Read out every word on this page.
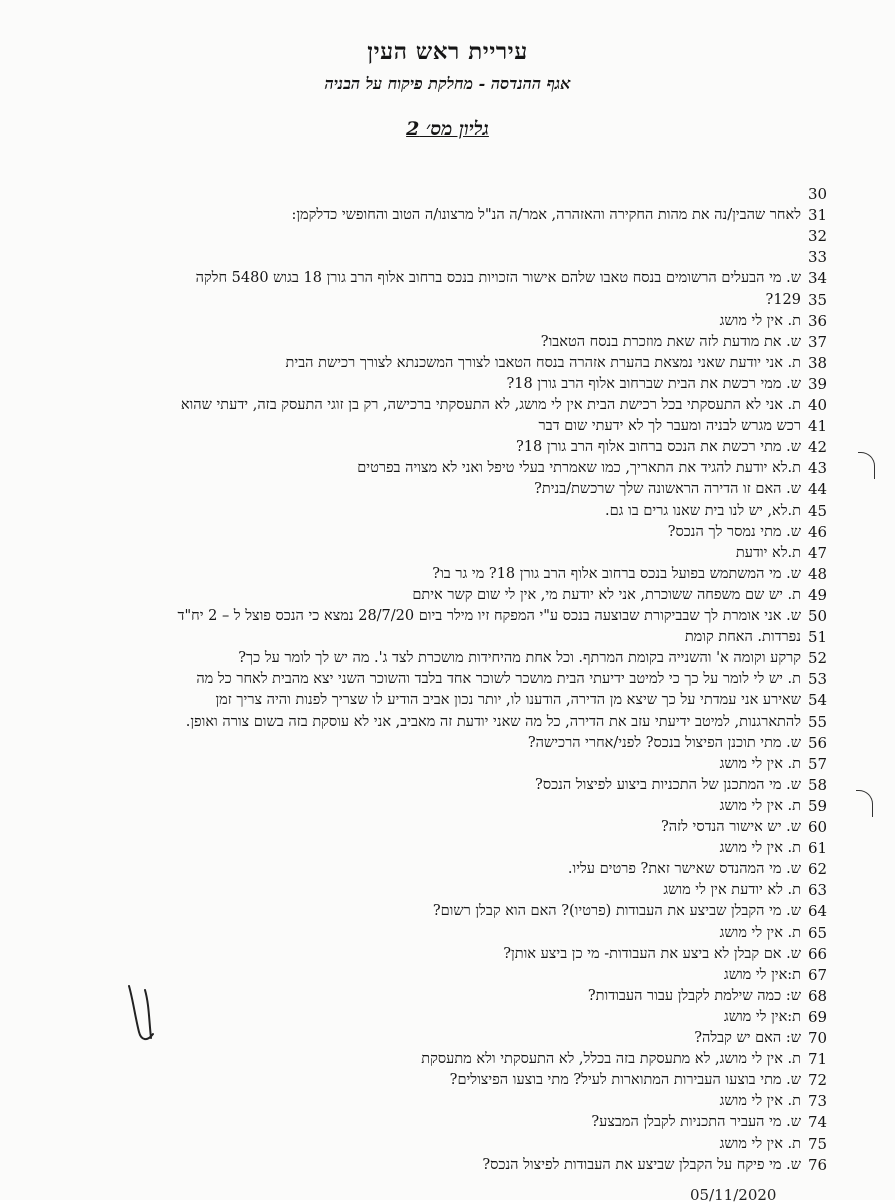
עיריית ראש העין
אגף ההנדסה - מחלקת פיקוח על הבניה
גליון מס׳ 2
30
לאחר שהבין/נה את מהות החקירה והאזהרה, אמר/ה הנ"ל מרצונו/ה הטוב והחופשי כדלקמן: 31
32
33
ש. מי הבעלים הרשומים בנסח טאבו שלהם אישור הזכויות בנכס ברחוב אלוף הרב גורן 18 בגוש 5480 חלקה 34
129? 35
ת. אין לי מושג 36
ש. את מודעת לזה שאת מוזכרת בנסח הטאבו? 37
ת. אני יודעת שאני נמצאת בהערת אזהרה בנסח הטאבו לצורך המשכנתא לצורך רכישת הבית 38
ש. ממי רכשת את הבית שברחוב אלוף הרב גורן 18? 39
ת. אני לא התעסקתי בכל רכישת הבית אין לי מושג, לא התעסקתי ברכישה, רק בן זוגי התעסק בזה, ידעתי שהוא 40
רכש מגרש לבניה ומעבר לך לא ידעתי שום דבר 41
ש. מתי רכשת את הנכס ברחוב אלוף הרב גורן 18? 42
ת.לא יודעת להגיד את התאריך, כמו שאמרתי בעלי טיפל ואני לא מצויה בפרטים 43
ש. האם זו הדירה הראשונה שלך שרכשת/בנית? 44
ת.לא, יש לנו בית שאנו גרים בו גם. 45
ש. מתי נמסר לך הנכס? 46
ת.לא יודעת 47
ש. מי המשתמש בפועל בנכס ברחוב אלוף הרב גורן 18? מי גר בו? 48
ת. יש שם משפחה ששוכרת, אני לא יודעת מי, אין לי שום קשר איתם 49
ש. אני אומרת לך שבביקורת שבוצעה בנכס ע"י המפקח זיו מילר ביום 28/7/20 נמצא כי הנכס פוצל ל – 2 יח"ד 50
נפרדות. האחת קומת 51
קרקע וקומה א' והשנייה בקומת המרתף. וכל אחת מהיחידות מושכרת לצד ג'. מה יש לך לומר על כך? 52
ת. יש לי לומר על כך כי למיטב ידיעתי הבית מושכר לשוכר אחד בלבד והשוכר השני יצא מהבית לאחר כל מה 53
שאירע אני עמדתי על כך שיצא מן הדירה, הודענו לו, יותר נכון אביב הודיע לו שצריך לפנות והיה צריך זמן 54
להתארגנות, למיטב ידיעתי עזב את הדירה, כל מה שאני יודעת זה מאביב, אני לא עוסקת בזה בשום צורה ואופן. 55
ש. מתי תוכנן הפיצול בנכס? לפני/אחרי הרכישה? 56
ת. אין לי מושג 57
ש. מי המתכנן של התכניות ביצוע לפיצול הנכס? 58
ת. אין לי מושג 59
ש. יש אישור הנדסי לזה? 60
ת. אין לי מושג 61
ש. מי המהנדס שאישר זאת? פרטים עליו. 62
ת. לא יודעת אין לי מושג 63
ש. מי הקבלן שביצע את העבודות (פרטיו)? האם הוא קבלן רשום? 64
ת. אין לי מושג 65
ש. אם קבלן לא ביצע את העבודות- מי כן ביצע אותן? 66
ת:אין לי מושג 67
ש: כמה שילמת לקבלן עבור העבודות? 68
ת:אין לי מושג 69
ש: האם יש קבלה? 70
ת. אין לי מושג, לא מתעסקת בזה בכלל, לא התעסקתי ולא מתעסקת 71
ש. מתי בוצעו העבירות המתוארות לעיל? מתי בוצעו הפיצולים? 72
ת. אין לי מושג 73
ש. מי העביר התכניות לקבלן המבצע? 74
ת. אין לי מושג 75
ש. מי פיקח על הקבלן שביצע את העבודות לפיצול הנכס? 76
05/11/2020
